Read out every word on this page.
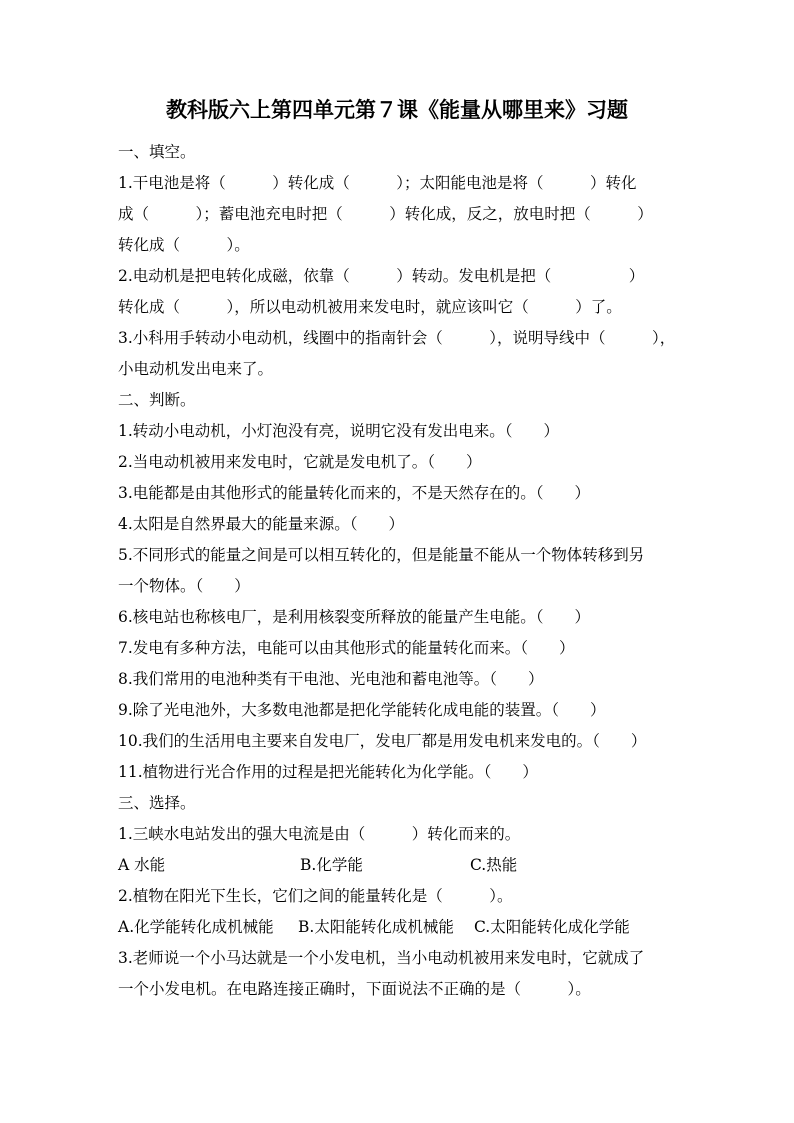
教科版六上第四单元第７课《能量从哪里来》习题
一、填空。
1.干电池是将（　　　）转化成（　　　）；太阳能电池是将（　　　）转化
成（　　　）；蓄电池充电时把（　　　）转化成，反之，放电时把（　　　）
转化成（　　　）。
2.电动机是把电转化成磁，依靠（　　　）转动。发电机是把（　　　　　）
转化成（　　　），所以电动机被用来发电时，就应该叫它（　　　）了。
3.小科用手转动小电动机，线圈中的指南针会（　　　），说明导线中（　　　），
小电动机发出电来了。
二、判断。
1.转动小电动机，小灯泡没有亮，说明它没有发出电来。（　　）
2.当电动机被用来发电时，它就是发电机了。（　　）
3.电能都是由其他形式的能量转化而来的，不是天然存在的。（　　）
4.太阳是自然界最大的能量来源。（　　）
5.不同形式的能量之间是可以相互转化的，但是能量不能从一个物体转移到另
一个物体。（　　）
6.核电站也称核电厂，是利用核裂变所释放的能量产生电能。（　　）
7.发电有多种方法，电能可以由其他形式的能量转化而来。（　　）
8.我们常用的电池种类有干电池、光电池和蓄电池等。（　　）
9.除了光电池外，大多数电池都是把化学能转化成电能的装置。（　　）
10.我们的生活用电主要来自发电厂，发电厂都是用发电机来发电的。（　　）
11.植物进行光合作用的过程是把光能转化为化学能。（　　）
三、选择。
1.三峡水电站发出的强大电流是由（　　　）转化而来的。
A 水能	B.化学能	C.热能
2.植物在阳光下生长，它们之间的能量转化是（　　　）。
A.化学能转化成机械能	B.太阳能转化成机械能	C.太阳能转化成化学能
3.老师说一个小马达就是一个小发电机，当小电动机被用来发电时，它就成了
一个小发电机。在电路连接正确时，下面说法不正确的是（　　　）。
